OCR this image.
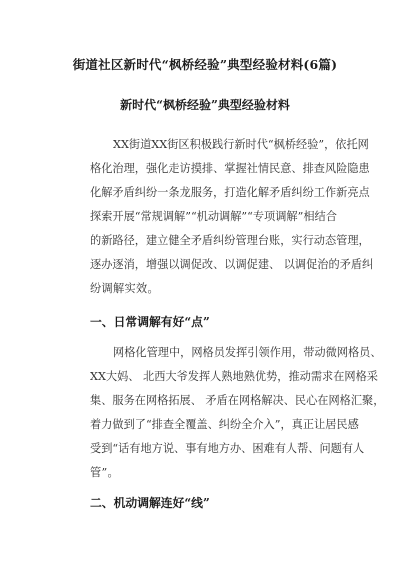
街道社区新时代“枫桥经验”典型经验材料(6篇)
新时代“枫桥经验”典型经验材料
XX街道XX街区积极践行新时代“枫桥经验”，依托网
格化治理，强化走访摸排、掌握社情民意、排查风险隐患
化解矛盾纠纷一条龙服务，打造化解矛盾纠纷工作新亮点
探索开展“常规调解”“机动调解”“专项调解”相结合
的新路径，建立健全矛盾纠纷管理台账，实行动态管理，
逐办逐消，增强以调促改、以调促建、 以调促治的矛盾纠
纷调解实效。
一、日常调解有好“点”
网格化管理中，网格员发挥引领作用，带动微网格员、
XX大妈、 北西大爷发挥人熟地熟优势，推动需求在网格采
集、服务在网格拓展、 矛盾在网格解决、民心在网格汇聚，
着力做到了“排查全覆盖、纠纷全介入”，真正让居民感
受到“话有地方说、事有地方办、困难有人帮、问题有人
管”。
二、机动调解连好“线”
